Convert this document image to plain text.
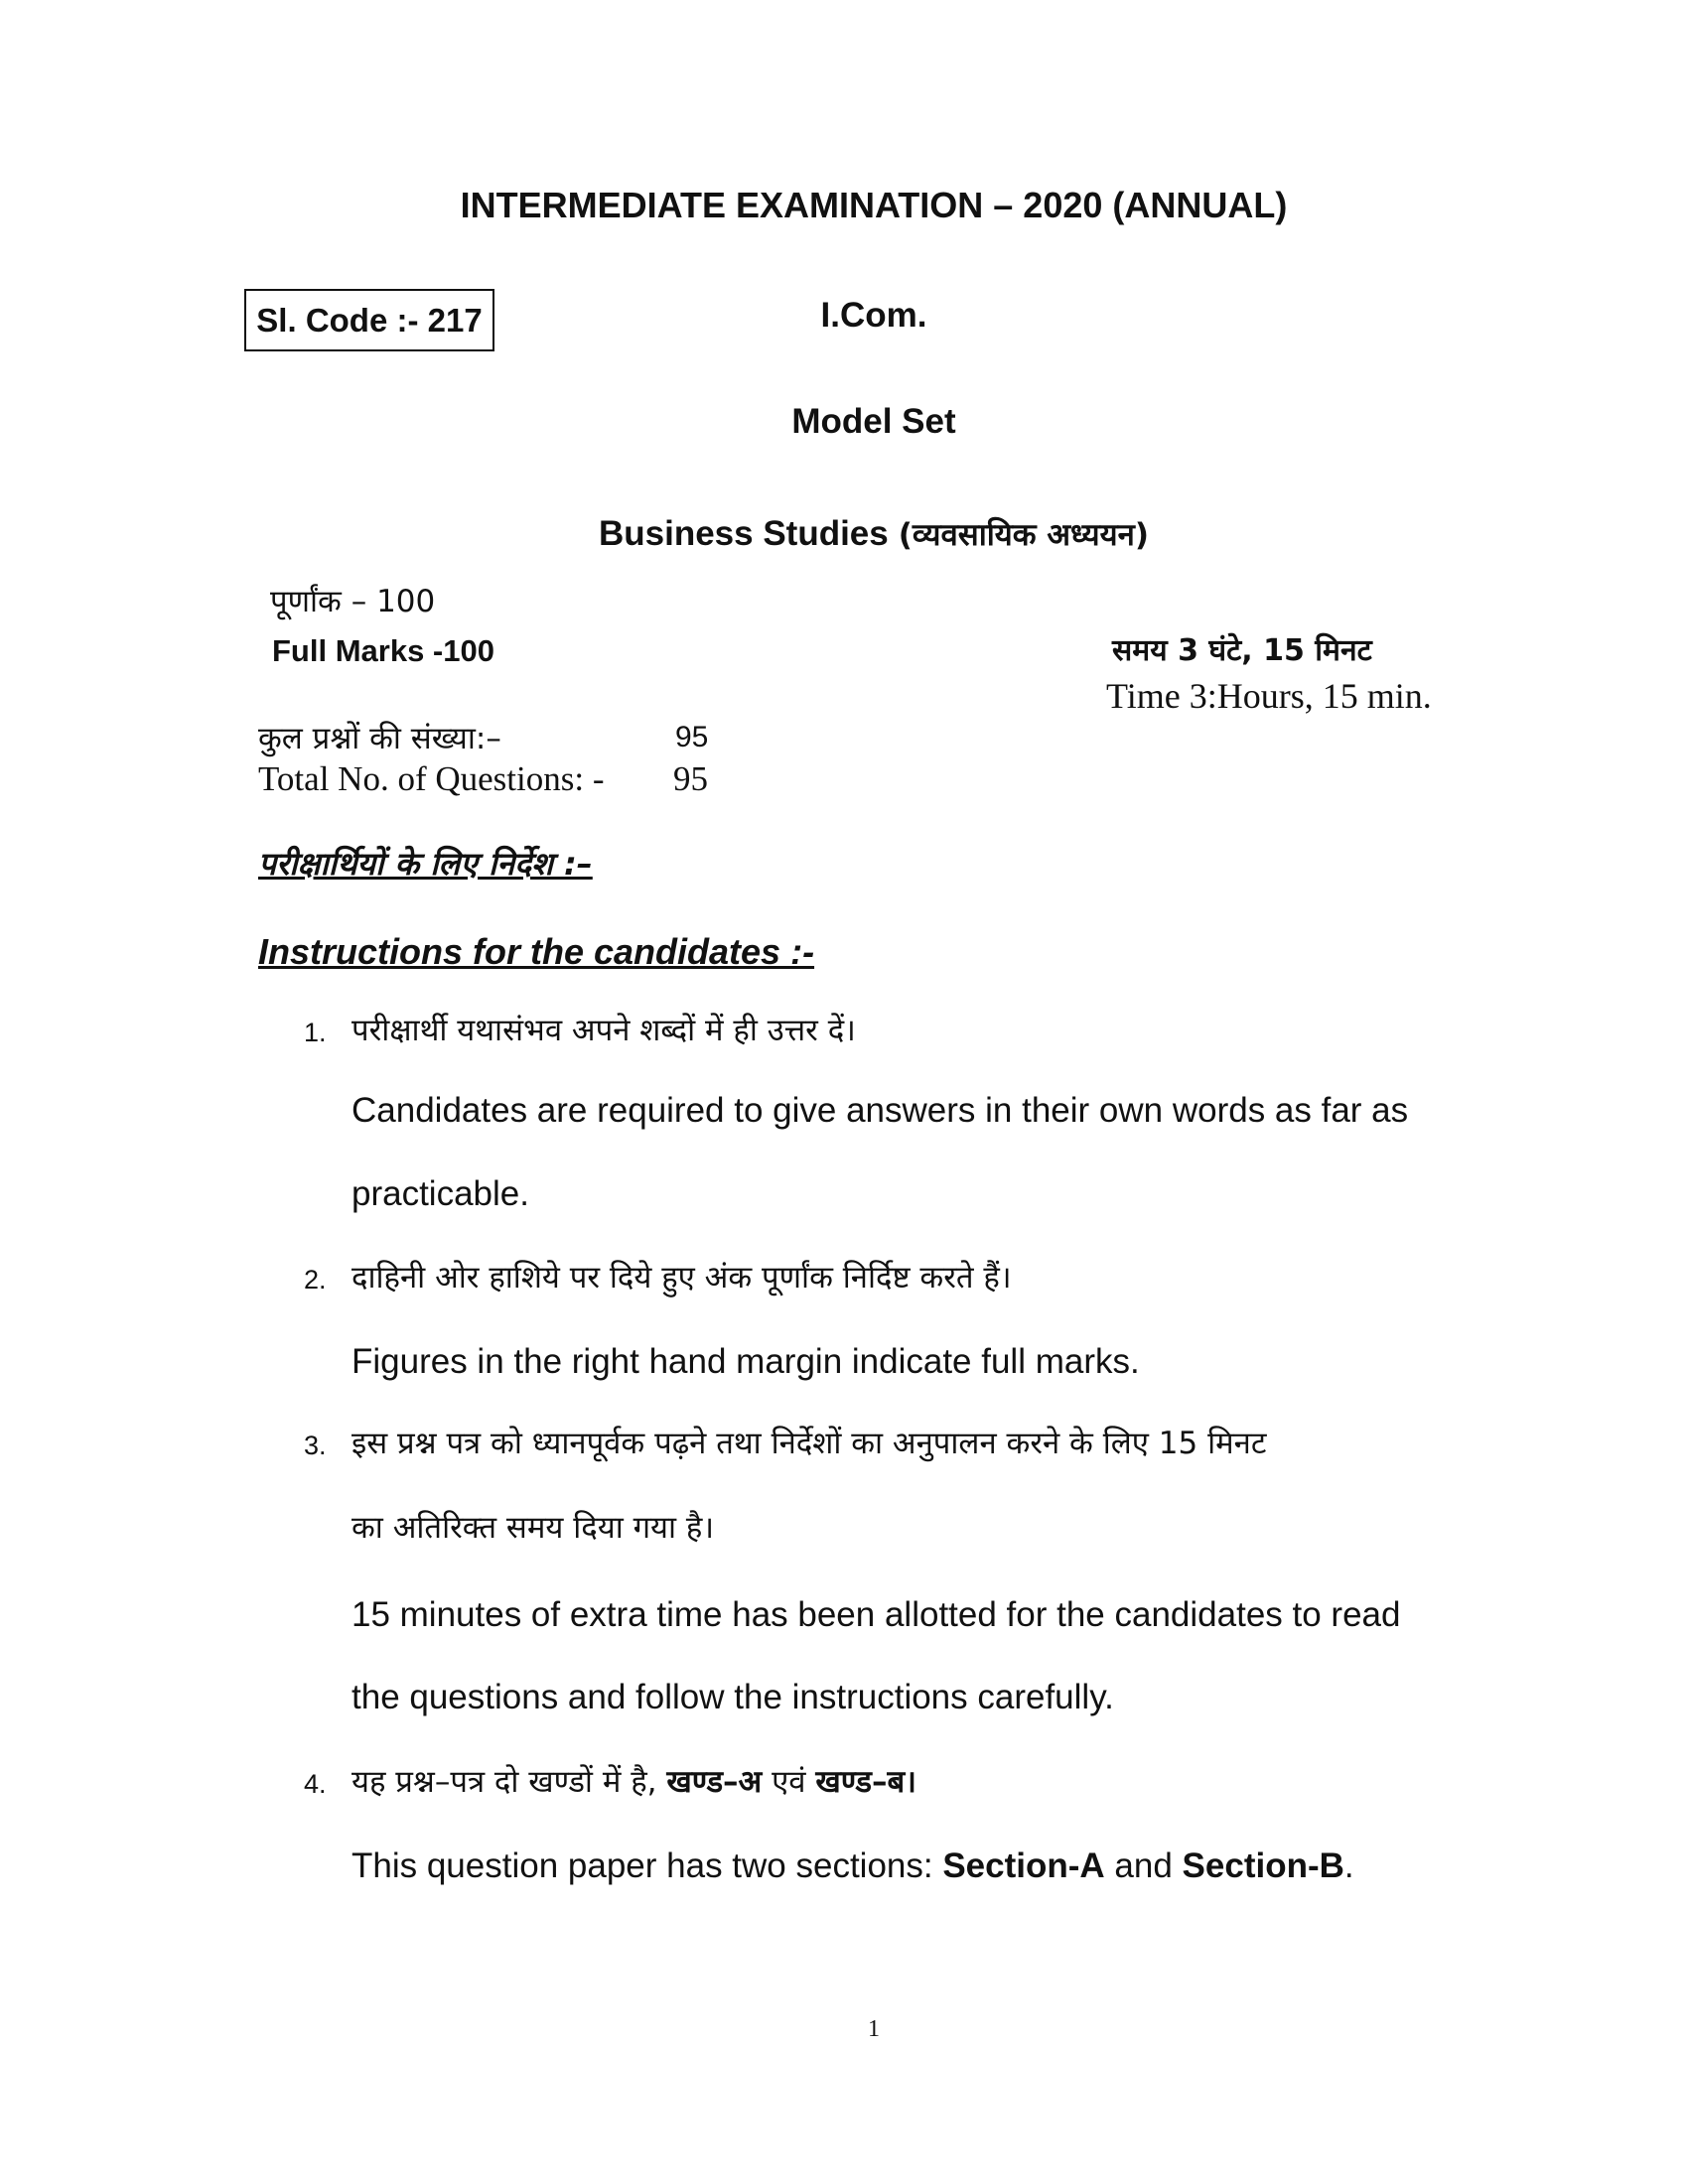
INTERMEDIATE EXAMINATION – 2020 (ANNUAL)
Sl. Code :- 217	I.Com.
Model Set
Business Studies (व्यवसायिक अध्ययन)
पूर्णांक – 100
Full Marks -100	समय 3 घंटे, 15 मिनट
Time 3:Hours, 15 min.
कुल प्रश्नों की संख्या:–	95
Total No. of Questions: - 95
परीक्षार्थियों के लिए निर्देश :–
Instructions for the candidates :-
1. परीक्षार्थी यथासंभव अपने शब्दों में ही उत्तर दें।
Candidates are required to give answers in their own words as far as
practicable.
2. दाहिनी ओर हाशिये पर दिये हुए अंक पूर्णांक निर्दिष्ट करते हैं।
Figures in the right hand margin indicate full marks.
3. इस प्रश्न पत्र को ध्यानपूर्वक पढ़ने तथा निर्देशों का अनुपालन करने के लिए 15 मिनट
का अतिरिक्त समय दिया गया है।
15 minutes of extra time has been allotted for the candidates to read
the questions and follow the instructions carefully.
4. यह प्रश्न–पत्र दो खण्डों में है, खण्ड–अ एवं खण्ड–ब।
This question paper has two sections: Section-A and Section-B.
1
